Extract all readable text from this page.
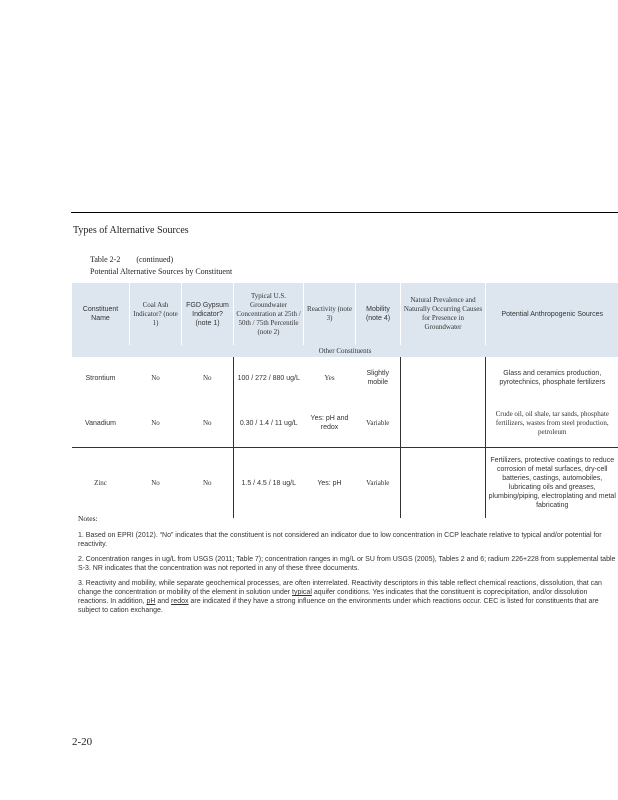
Types of Alternative Sources
Table 2-2 (continued)
Potential Alternative Sources by Constituent
Constituent Name	Coal Ash Indicator? (note 1)	FGD Gypsum Indicator? (note 1)	Typical U.S. Groundwater Concentration at 25th / 50th / 75th Percentile (note 2)	Reactivity (note 3)	Mobility (note 4)	Natural Prevalence and Naturally Occurring Causes for Presence in Groundwater	Potential Anthropogenic Sources
Other Constituents							
Strontium	No	No	100 / 272 / 880 ug/L	Yes	Slightly mobile		Glass and ceramics production, pyrotechnics, phosphate fertilizers
Vanadium	No	No	0.30 / 1.4 / 11 ug/L	Yes: pH and redox	Variable		Crude oil, oil shale, tar sands, phosphate fertilizers, wastes from steel production, petroleum
Zinc	No	No	1.5 / 4.5 / 18 ug/L	Yes: pH	Variable		Fertilizers, protective coatings to reduce corrosion of metal surfaces, dry-cell batteries, castings, automobiles, lubricating oils and greases, plumbing/piping, electroplating and metal fabricating
Notes:
1. Based on EPRI (2012). “No” indicates that the constituent is not considered an indicator due to low concentration in CCP leachate relative to typical and/or potential for reactivity.
2. Concentration ranges in ug/L from USGS (2011; Table 7); concentration ranges in mg/L or SU from USGS (2005), Tables 2 and 6; radium 226+228 from supplemental table S-3. NR indicates that the concentration was not reported in any of these three documents.
3. Reactivity and mobility, while separate geochemical processes, are often interrelated. Reactivity descriptors in this table reflect chemical reactions, dissolution, that can change the concentration or mobility of the element in solution under typical aquifer conditions. Yes indicates that the constituent is coprecipitation, and/or dissolution reactions. In addition, pH and redox are indicated if they have a strong influence on the environments under which reactions occur. CEC is listed for constituents that are subject to cation exchange.
2-20
